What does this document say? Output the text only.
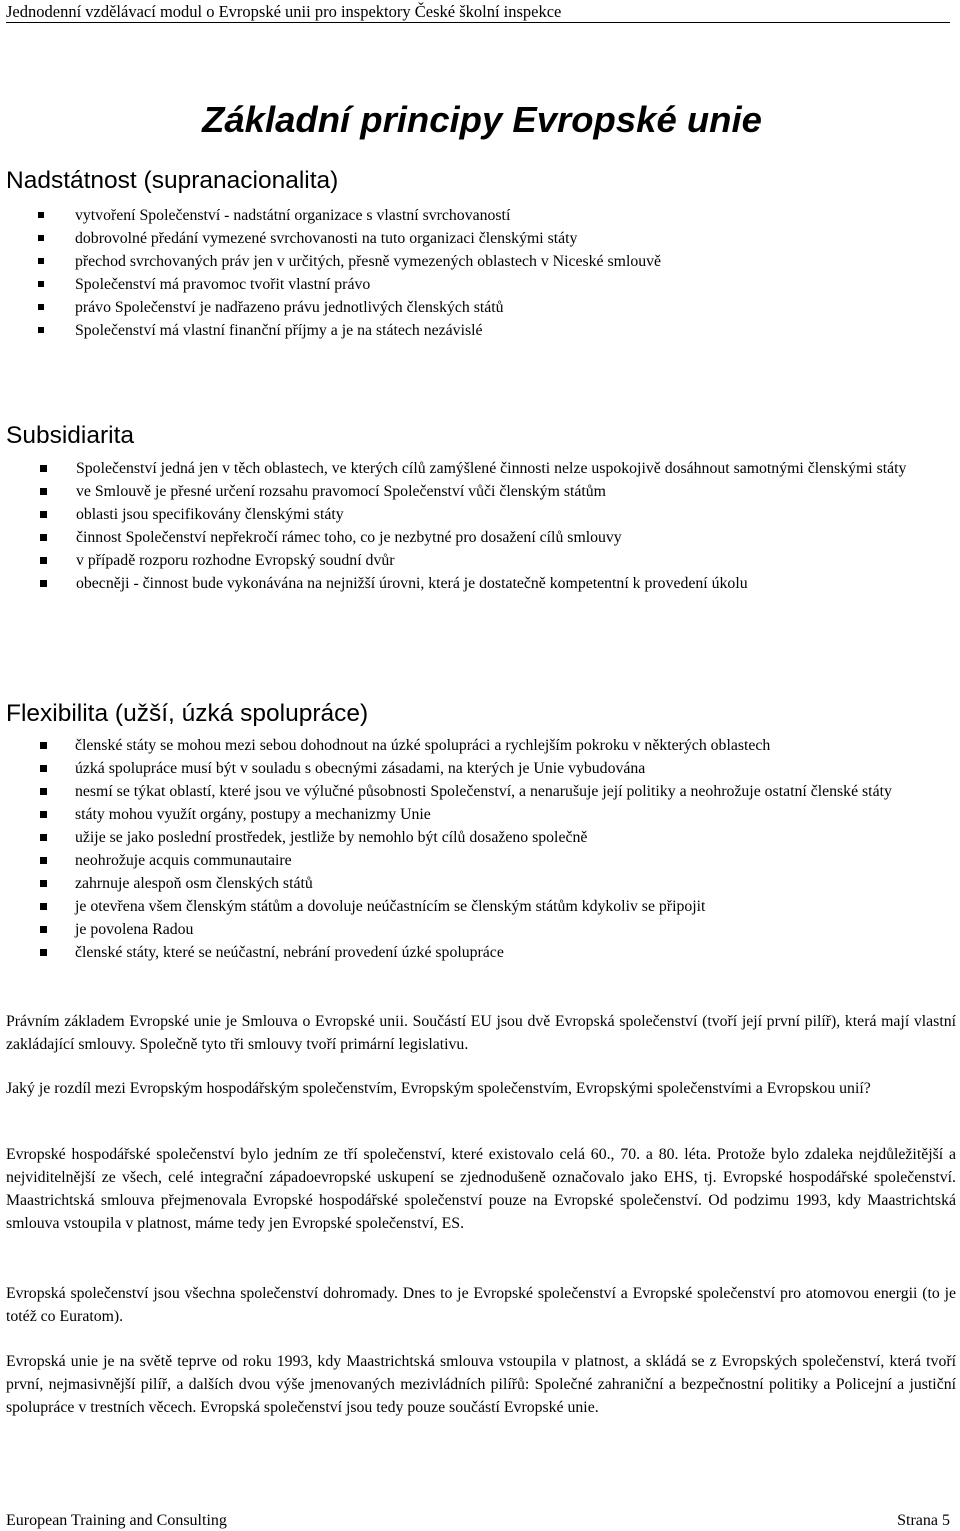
Jednodenní vzdělávací modul o Evropské unii pro inspektory České školní inspekce
Základní principy Evropské unie
Nadstátnost (supranacionalita)
vytvoření Společenství - nadstátní organizace s vlastní svrchovaností
dobrovolné předání vymezené svrchovanosti na tuto organizaci členskými státy
přechod svrchovaných práv jen v určitých, přesně vymezených oblastech v Niceské smlouvě
Společenství má pravomoc tvořit vlastní právo
právo Společenství je nadřazeno právu jednotlivých členských států
Společenství má vlastní finanční příjmy a je na státech nezávislé
Subsidiarita
Společenství jedná jen v těch oblastech, ve kterých cílů zamýšlené činnosti nelze uspokojivě dosáhnout samotnými členskými státy
ve Smlouvě je přesné určení rozsahu pravomocí Společenství vůči členským státům
oblasti jsou specifikovány členskými státy
činnost Společenství nepřekročí rámec toho, co je nezbytné pro dosažení cílů smlouvy
v případě rozporu rozhodne Evropský soudní dvůr
obecněji - činnost bude vykonávána na nejnižší úrovni, která je dostatečně kompetentní k provedení úkolu
Flexibilita (užší, úzká spolupráce)
členské státy se mohou mezi sebou dohodnout na úzké spolupráci a rychlejším pokroku v některých oblastech
úzká spolupráce musí být v souladu s obecnými zásadami, na kterých je Unie vybudována
nesmí se týkat oblastí, které jsou ve výlučné působnosti Společenství, a nenarušuje její politiky a neohrožuje ostatní členské státy
státy mohou využít orgány, postupy a mechanizmy Unie
užije se jako poslední prostředek, jestliže by nemohlo být cílů dosaženo společně
neohrožuje acquis communautaire
zahrnuje alespoň osm členských států
je otevřena všem členským státům a dovoluje neúčastnícím se členským státům kdykoliv se připojit
je povolena Radou
členské státy, které se neúčastní, nebrání provedení úzké spolupráce

Právním základem Evropské unie je Smlouva o Evropské unii. Součástí EU jsou dvě Evropská společenství (tvoří její první pilíř), která mají vlastní zakládající smlouvy. Společně tyto tři smlouvy tvoří primární legislativu.

Jaký je rozdíl mezi Evropským hospodářským společenstvím, Evropským společenstvím, Evropskými společenstvími a Evropskou unií?

Evropské hospodářské společenství bylo jedním ze tří společenství, které existovalo celá 60., 70. a 80. léta. Protože bylo zdaleka nejdůležitější a nejviditelnější ze všech, celé integrační západoevropské uskupení se zjednodušeně označovalo jako EHS, tj. Evropské hospodářské společenství. Maastrichtská smlouva přejmenovala Evropské hospodářské společenství pouze na Evropské společenství. Od podzimu 1993, kdy Maastrichtská smlouva vstoupila v platnost, máme tedy jen Evropské společenství, ES.

Evropská společenství jsou všechna společenství dohromady. Dnes to je Evropské společenství a Evropské společenství pro atomovou energii (to je totéž co Euratom).

Evropská unie je na světě teprve od roku 1993, kdy Maastrichtská smlouva vstoupila v platnost, a skládá se z Evropských společenství, která tvoří první, nejmasivnější pilíř, a dalších dvou výše jmenovaných mezivládních pilířů: Společné zahraniční a bezpečnostní politiky a Policejní a justiční spolupráce v trestních věcech. Evropská společenství jsou tedy pouze součástí Evropské unie.

European Training and Consulting	Strana 5
